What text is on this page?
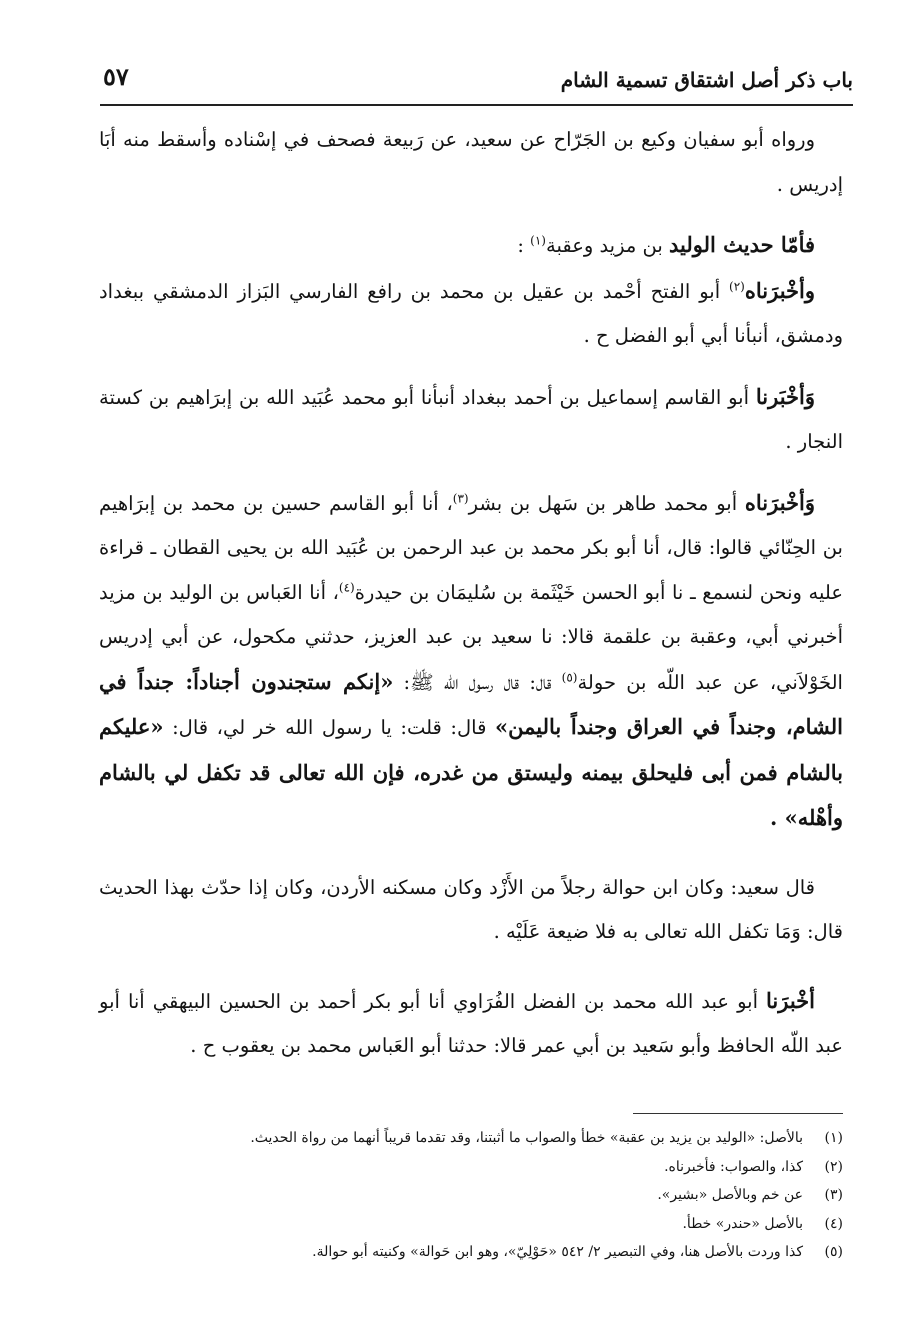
٥٧	باب ذكر أصل اشتقاق تسمية الشام

ورواه أبو سفيان وكيع بن الجَرّاح عن سعيد، عن رَبيعة فصحف في إسْناده وأسقط منه أبَا إدريس .

فأمّا حديث الوليد بن مزيد وعقبة$^{(١)}$ :

وأخْبرَناه$^{(٢)}$ أبو الفتح أحْمد بن عقيل بن محمد بن رافع الفارسي البَزاز الدمشقي ببغداد ودمشق، أنبأنا أبي أبو الفضل ح .

وَأخْبَرنا أبو القاسم إسماعيل بن أحمد ببغداد أنبأنا أبو محمد عُبَيد الله بن إبرَاهيم بن كستة النجار .

وَأخْبرَناه أبو محمد طاهر بن سَهل بن بشر$^{(٣)}$، أنا أبو القاسم حسين بن محمد بن إبرَاهيم بن الحِنّائي قالوا: قال، أنا أبو بكر محمد بن عبد الرحمن بن عُبَيد الله بن يحيى القطان ـ قراءة عليه ونحن لنسمع ـ نا أبو الحسن خَيْثَمة بن سُليمَان بن حيدرة$^{(٤)}$، أنا العَباس بن الوليد بن مزيد أخبرني أبي، وعقبة بن علقمة قالا: نا سعيد بن عبد العزيز، حدثني مكحول، عن أبي إدريس الخَوْلاَني، عن عبد اللّه بن حولة$^{(٥)}$ قال: قال رسول الله ﷺ: «إنكم ستجندون أجناداً: جنداً في الشام، وجنداً في العراق وجنداً باليمن» قال: قلت: يا رسول الله خر لي، قال: «عليكم بالشام فمن أبى فليحلق بيمنه وليستق من غدره، فإن الله تعالى قد تكفل لي بالشام وأهْله» .

قال سعيد: وكان ابن حوالة رجلاً من الأَزْد وكان مسكنه الأردن، وكان إذا حدّث بهذا الحديث قال: وَمَا تكفل الله تعالى به فلا ضيعة عَلَيْه .

أخْبرَنا أبو عبد الله محمد بن الفضل الفُرَاوي أنا أبو بكر أحمد بن الحسين البيهقي أنا أبو عبد اللّه الحافظ وأبو سَعيد بن أبي عمر قالا: حدثنا أبو العَباس محمد بن يعقوب ح .

(١)
بالأصل: «الوليد بن يزيد بن عقبة» خطأ والصواب ما أثبتنا، وقد تقدما قريباً أنهما من رواة الحديث.
(٢)
كذا، والصواب: فأخبرناه.
(٣)
عن خم وبالأصل «بشير».
(٤)
بالأصل «حندر» خطأ.
(٥)
كذا وردت بالأصل هنا، وفي التبصير ٢/ ٥٤٢ «حَوْلِيّ»، وهو ابن حَوالة» وكنيته أبو حوالة.
